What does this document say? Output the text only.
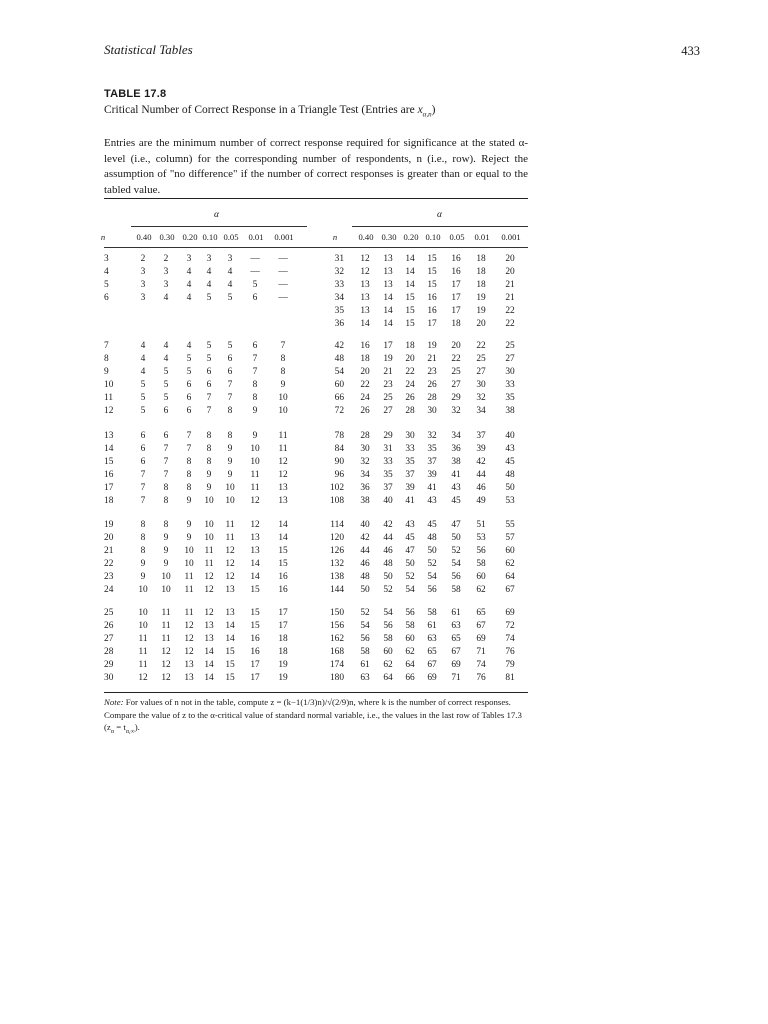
Statistical Tables	433
TABLE 17.8
Critical Number of Correct Response in a Triangle Test (Entries are $x_{\alpha,n}$)
Entries are the minimum number of correct response required for significance at the stated α-level (i.e., column) for the corresponding number of respondents, n (i.e., row). Reject the assumption of "no difference" if the number of correct responses is greater than or equal to the tabled value.
α	α
n	0.40 0.30 0.20 0.10 0.05	0.01	0.001	n	0.40 0.30 0.20 0.10	0.05	0.01	0.001
3	2	2	3	3	3	—	—
4	3	3	4	4	4	—	—
5	3	3	4	4	4	5	—
6	3	4	4	5	5	6	—
7	4	4	4	5	5	6	7
8	4	4	5	5	6	7	8
9	4	5	5	6	6	7	8
10	5	5	6	6	7	8	9
11	5	5	6	7	7	8	10
12	5	6	6	7	8	9	10
13	6	6	7	8	8	9	11
14	6	7	7	8	9	10	11
15	6	7	8	8	9	10	12
16	7	7	8	9	9	11	12
17	7	8	8	9	10	11	13
18	7	8	9	10	10	12	13
19	8	8	9	10	11	12	14
20	8	9	9	10	11	13	14
21	8	9	10	11	12	13	15
22	9	9	10	11	12	14	15
23	9	10	11	12	12	14	16
24	10	10	11	12	13	15	16
25	10	11	11	12	13	15	17
26	10	11	12	13	14	15	17
27	11	11	12	13	14	16	18
28	11	12	12	14	15	16	18
29	11	12	13	14	15	17	19
30	12	12	13	14	15	17	19
31	12	13	14	15	16	18	20
32	12	13	14	15	16	18	20
33	13	13	14	15	17	18	21
34	13	14	15	16	17	19	21
35	13	14	15	16	17	19	22
36	14	14	15	17	18	20	22
42	16	17	18	19	20	22	25
48	18	19	20	21	22	25	27
54	20	21	22	23	25	27	30
60	22	23	24	26	27	30	33
66	24	25	26	28	29	32	35
72	26	27	28	30	32	34	38
78	28	29	30	32	34	37	40
84	30	31	33	35	36	39	43
90	32	33	35	37	38	42	45
96	34	35	37	39	41	44	48
102	36	37	39	41	43	46	50
108	38	40	41	43	45	49	53
114	40	42	43	45	47	51	55
120	42	44	45	48	50	53	57
126	44	46	47	50	52	56	60
132	46	48	50	52	54	58	62
138	48	50	52	54	56	60	64
144	50	52	54	56	58	62	67
150	52	54	56	58	61	65	69
156	54	56	58	61	63	67	72
162	56	58	60	63	65	69	74
168	58	60	62	65	67	71	76
174	61	62	64	67	69	74	79
180	63	64	66	69	71	76	81
Note: For values of n not in the table, compute z = (k−1(1/3)n)/√(2/9)n, where k is the number of correct responses. Compare the value of z to the α-critical value of standard normal variable, i.e., the values in the last row of Tables 17.3 $(z_\alpha = t_{\alpha,\infty})$.
